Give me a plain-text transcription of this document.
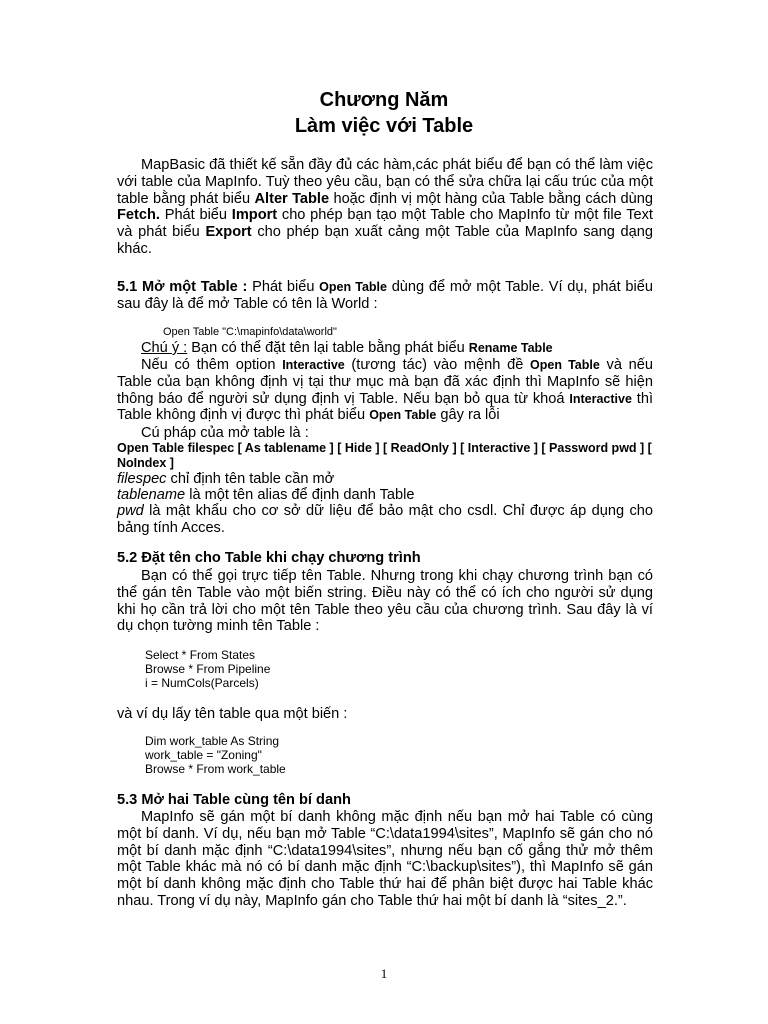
Chương Năm
Làm việc với Table
MapBasic đã thiết kế sẵn đầy đủ các hàm,các phát biểu để bạn có thể làm việc với table của MapInfo. Tuỳ theo yêu cầu, bạn có thể sửa chữa lại cấu trúc của một table bằng phát biểu Alter Table hoặc định vị một hàng của Table bằng cách dùng Fetch. Phát biểu Import cho phép bạn tạo một Table cho MapInfo từ một file Text và phát biểu Export cho phép bạn xuất cảng một Table của MapInfo sang dạng khác.
5.1 Mở một Table : Phát biểu Open Table dùng để mở một Table. Ví dụ, phát biểu sau đây là để mở Table có tên là World :
Open Table "C:\mapinfo\data\world"
Chú ý : Bạn có thể đặt tên lại table bằng phát biểu Rename Table
Nếu có thêm option Interactive (tương tác) vào mệnh đề Open Table và nếu Table của bạn không định vị tại thư mục mà bạn đã xác định thì MapInfo sẽ hiện thông báo để người sử dụng định vị Table. Nếu bạn bỏ qua từ khoá Interactive thì Table không định vị được thì phát biểu Open Table gây ra lỗi
Cú pháp của mở table là :
Open Table filespec [ As tablename ] [ Hide ] [ ReadOnly ] [ Interactive ] [ Password pwd ] [ NoIndex ]
filespec chỉ định tên table cần mở
tablename là một tên alias để định danh Table
pwd là mật khẩu cho cơ sở dữ liệu để bảo mật cho csdl. Chỉ được áp dụng cho bảng tính Acces.
5.2 Đặt tên cho Table khi chạy chương trình
Bạn có thể gọi trực tiếp tên Table. Nhưng trong khi chạy chương trình bạn có thể gán tên Table vào một biến string. Điều này có thể có ích cho người sử dụng khi họ cần trả lời cho một tên Table theo yêu cầu của chương trình. Sau đây là ví dụ chọn tường minh tên Table :
Select * From States
Browse * From Pipeline
i = NumCols(Parcels)
và ví dụ lấy tên table qua một biến :
Dim work_table As String
work_table = "Zoning"
Browse * From work_table
5.3 Mở hai Table cùng tên bí danh
MapInfo sẽ gán một bí danh không mặc định nếu bạn mở hai Table có cùng một bí danh. Ví dụ, nếu bạn mở Table “C:\data1994\sites”, MapInfo sẽ gán cho nó một bí danh mặc định “C:\data1994\sites”, nhưng nếu bạn cố gắng thử mở thêm một Table khác mà nó có bí danh mặc định “C:\backup\sites”), thì MapInfo sẽ gán một bí danh không mặc định cho Table thứ hai để phân biệt được hai Table khác nhau. Trong ví dụ này, MapInfo gán cho Table thứ hai một bí danh là “sites_2.”.
1
